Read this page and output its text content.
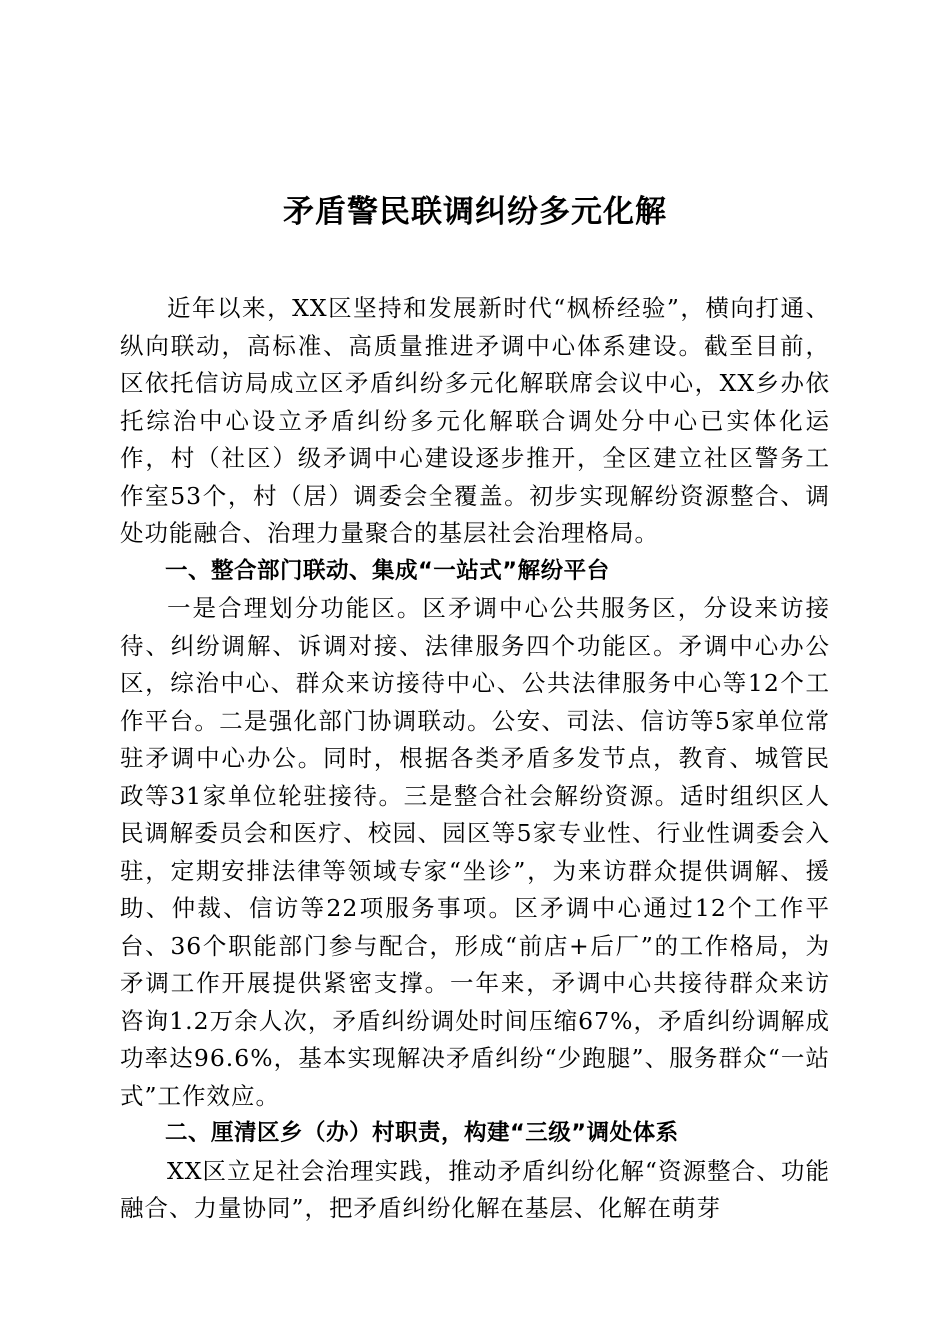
矛盾警民联调纠纷多元化解

近年以来，XX区坚持和发展新时代“枫桥经验”，横向打通、纵向联动，高标准、高质量推进矛调中心体系建设。截至目前，区依托信访局成立区矛盾纠纷多元化解联席会议中心，XX乡办依托综治中心设立矛盾纠纷多元化解联合调处分中心已实体化运作，村（社区）级矛调中心建设逐步推开，全区建立社区警务工作室53个，村（居）调委会全覆盖。初步实现解纷资源整合、调处功能融合、治理力量聚合的基层社会治理格局。

一、整合部门联动、集成“一站式”解纷平台

一是合理划分功能区。区矛调中心公共服务区，分设来访接待、纠纷调解、诉调对接、法律服务四个功能区。矛调中心办公区，综治中心、群众来访接待中心、公共法律服务中心等12个工作平台。二是强化部门协调联动。公安、司法、信访等5家单位常驻矛调中心办公。同时，根据各类矛盾多发节点，教育、城管民政等31家单位轮驻接待。三是整合社会解纷资源。适时组织区人民调解委员会和医疗、校园、园区等5家专业性、行业性调委会入驻，定期安排法律等领域专家“坐诊”，为来访群众提供调解、援助、仲裁、信访等22项服务事项。区矛调中心通过12个工作平台、36个职能部门参与配合，形成“前店+后厂”的工作格局，为矛调工作开展提供紧密支撑。一年来，矛调中心共接待群众来访咨询1.2万余人次，矛盾纠纷调处时间压缩67%，矛盾纠纷调解成功率达96.6%，基本实现解决矛盾纠纷“少跑腿”、服务群众“一站式”工作效应。

二、厘清区乡（办）村职责，构建“三级”调处体系

XX区立足社会治理实践，推动矛盾纠纷化解“资源整合、功能融合、力量协同”，把矛盾纠纷化解在基层、化解在萌芽
